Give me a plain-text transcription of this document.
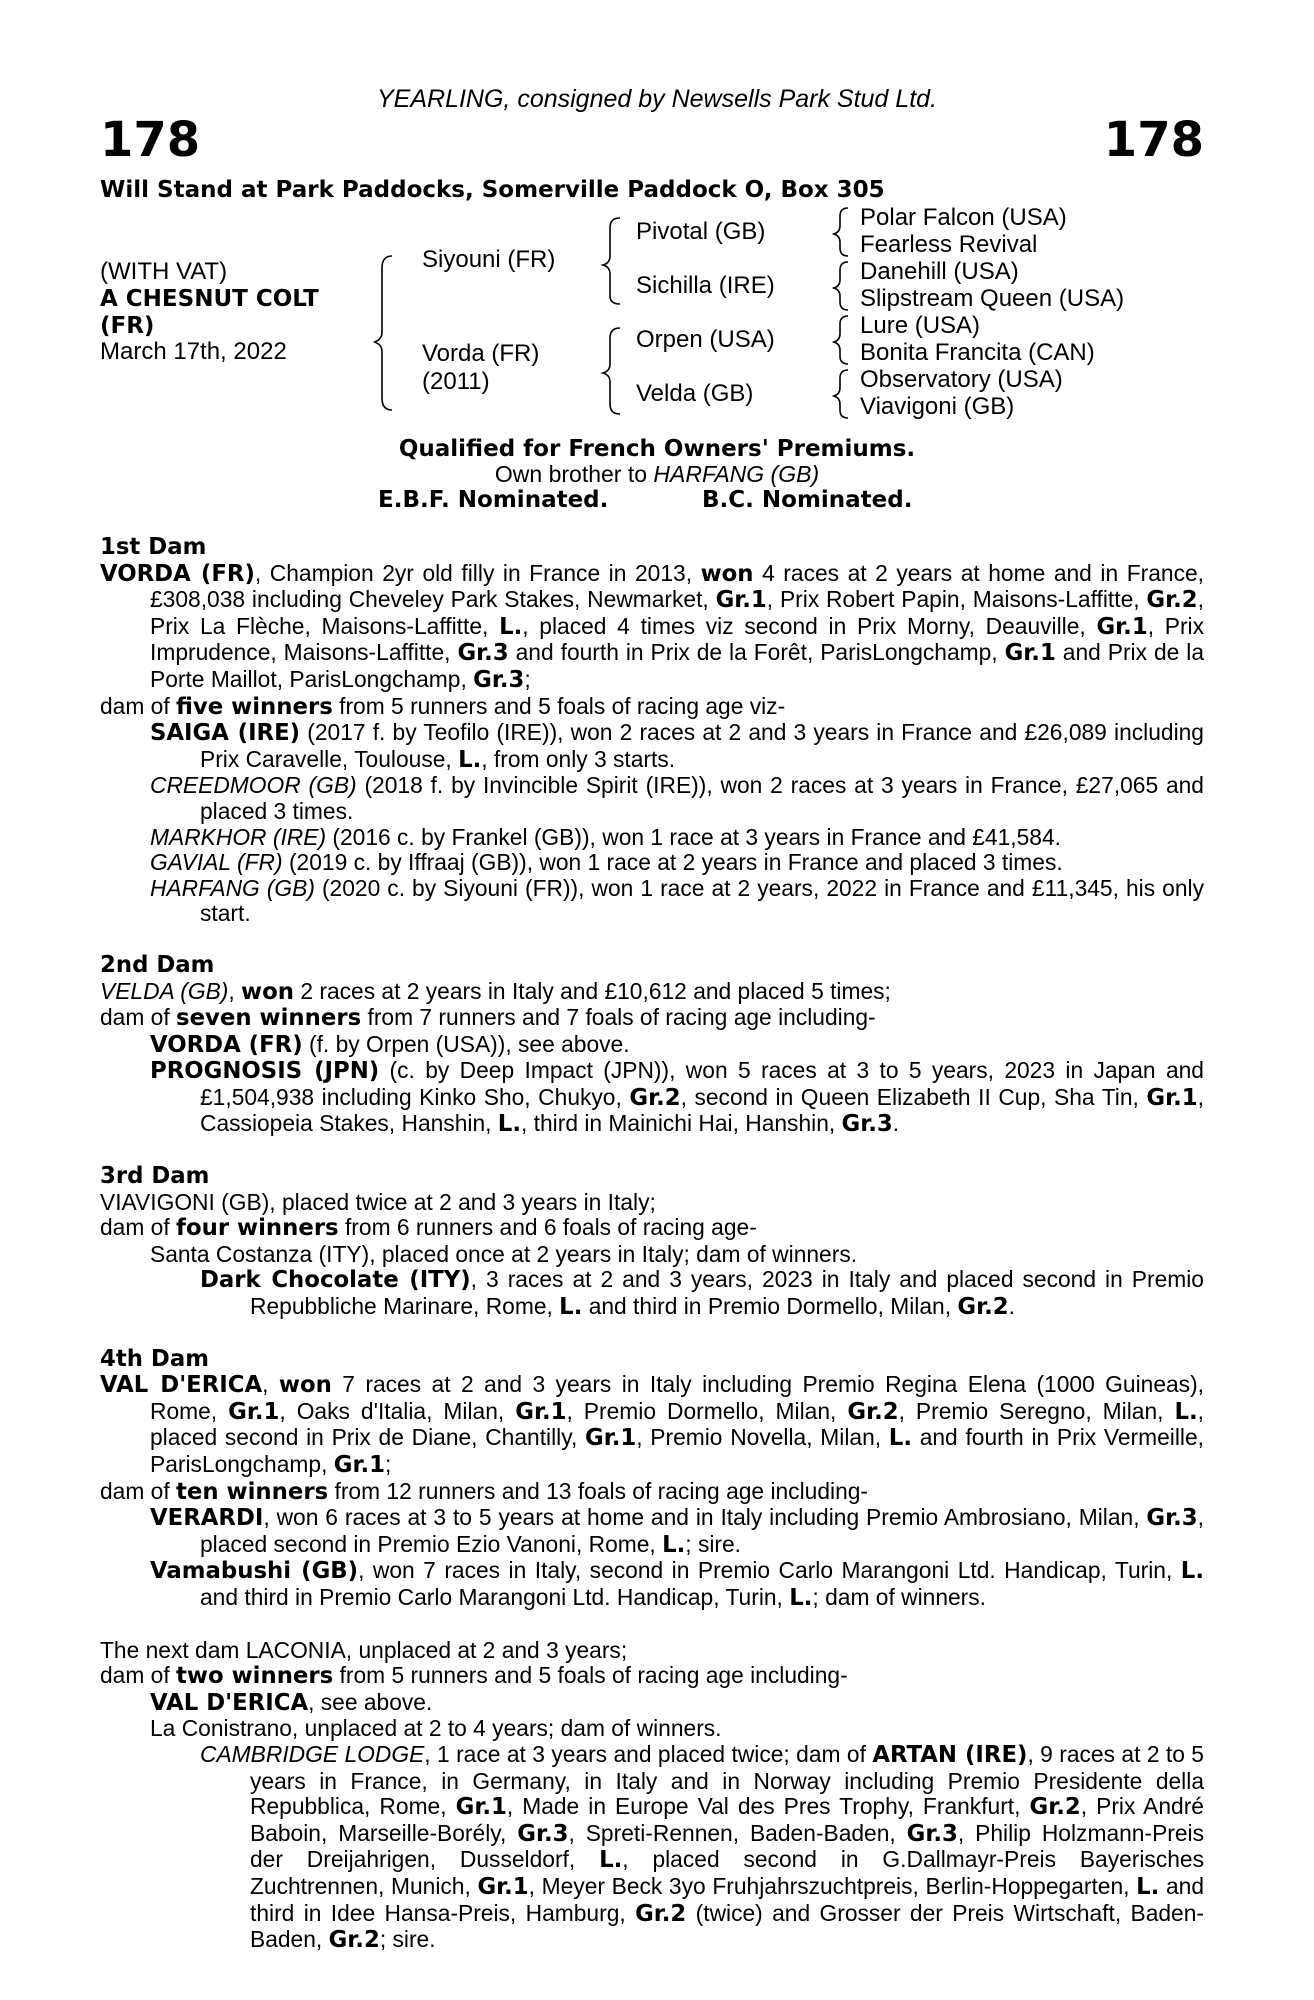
YEARLING, consigned by Newsells Park Stud Ltd.
178	178
Will Stand at Park Paddocks, Somerville Paddock O, Box 305
(WITH VAT)
A CHESNUT COLT
(FR)
March 17th, 2022
Siyouni (FR)
Vorda (FR)
(2011)
Pivotal (GB)
Sichilla (IRE)
Orpen (USA)
Velda (GB)
Polar Falcon (USA)
Fearless Revival
Danehill (USA)
Slipstream Queen (USA)
Lure (USA)
Bonita Francita (CAN)
Observatory (USA)
Viavigoni (GB)
Qualified for French Owners' Premiums.
Own brother to HARFANG (GB)
E.B.F. Nominated.	B.C. Nominated.

1st Dam

VORDA (FR), Champion 2yr old filly in France in 2013, won 4 races at 2 years at home and in France, £308,038 including Cheveley Park Stakes, Newmarket, Gr.1, Prix Robert Papin, Maisons-Laffitte, Gr.2, Prix La Flèche, Maisons-Laffitte, L., placed 4 times viz second in Prix Morny, Deauville, Gr.1, Prix Imprudence, Maisons-Laffitte, Gr.3 and fourth in Prix de la Forêt, ParisLongchamp, Gr.1 and Prix de la Porte Maillot, ParisLongchamp, Gr.3;

dam of five winners from 5 runners and 5 foals of racing age viz-

SAIGA (IRE) (2017 f. by Teofilo (IRE)), won 2 races at 2 and 3 years in France and £26,089 including Prix Caravelle, Toulouse, L., from only 3 starts.

CREEDMOOR (GB) (2018 f. by Invincible Spirit (IRE)), won 2 races at 3 years in France, £27,065 and placed 3 times.

MARKHOR (IRE) (2016 c. by Frankel (GB)), won 1 race at 3 years in France and £41,584.

GAVIAL (FR) (2019 c. by Iffraaj (GB)), won 1 race at 2 years in France and placed 3 times.

HARFANG (GB) (2020 c. by Siyouni (FR)), won 1 race at 2 years, 2022 in France and £11,345, his only start.

2nd Dam

VELDA (GB), won 2 races at 2 years in Italy and £10,612 and placed 5 times;

dam of seven winners from 7 runners and 7 foals of racing age including-

VORDA (FR) (f. by Orpen (USA)), see above.

PROGNOSIS (JPN) (c. by Deep Impact (JPN)), won 5 races at 3 to 5 years, 2023 in Japan and £1,504,938 including Kinko Sho, Chukyo, Gr.2, second in Queen Elizabeth II Cup, Sha Tin, Gr.1, Cassiopeia Stakes, Hanshin, L., third in Mainichi Hai, Hanshin, Gr.3.

3rd Dam

VIAVIGONI (GB), placed twice at 2 and 3 years in Italy;

dam of four winners from 6 runners and 6 foals of racing age-

Santa Costanza (ITY), placed once at 2 years in Italy; dam of winners.

Dark Chocolate (ITY), 3 races at 2 and 3 years, 2023 in Italy and placed second in Premio Repubbliche Marinare, Rome, L. and third in Premio Dormello, Milan, Gr.2.

4th Dam

VAL D'ERICA, won 7 races at 2 and 3 years in Italy including Premio Regina Elena (1000 Guineas), Rome, Gr.1, Oaks d'Italia, Milan, Gr.1, Premio Dormello, Milan, Gr.2, Premio Seregno, Milan, L., placed second in Prix de Diane, Chantilly, Gr.1, Premio Novella, Milan, L. and fourth in Prix Vermeille, ParisLongchamp, Gr.1;

dam of ten winners from 12 runners and 13 foals of racing age including-

VERARDI, won 6 races at 3 to 5 years at home and in Italy including Premio Ambrosiano, Milan, Gr.3, placed second in Premio Ezio Vanoni, Rome, L.; sire.

Vamabushi (GB), won 7 races in Italy, second in Premio Carlo Marangoni Ltd. Handicap, Turin, L. and third in Premio Carlo Marangoni Ltd. Handicap, Turin, L.; dam of winners.

The next dam LACONIA, unplaced at 2 and 3 years;

dam of two winners from 5 runners and 5 foals of racing age including-

VAL D'ERICA, see above.

La Conistrano, unplaced at 2 to 4 years; dam of winners.

CAMBRIDGE LODGE, 1 race at 3 years and placed twice; dam of ARTAN (IRE), 9 races at 2 to 5 years in France, in Germany, in Italy and in Norway including Premio Presidente della Repubblica, Rome, Gr.1, Made in Europe Val des Pres Trophy, Frankfurt, Gr.2, Prix André Baboin, Marseille-Borély, Gr.3, Spreti-Rennen, Baden-Baden, Gr.3, Philip Holzmann-Preis der Dreijahrigen, Dusseldorf, L., placed second in G.Dallmayr-Preis Bayerisches Zuchtrennen, Munich, Gr.1, Meyer Beck 3yo Fruhjahrszuchtpreis, Berlin-Hoppegarten, L. and third in Idee Hansa-Preis, Hamburg, Gr.2 (twice) and Grosser der Preis Wirtschaft, Baden-Baden, Gr.2; sire.
